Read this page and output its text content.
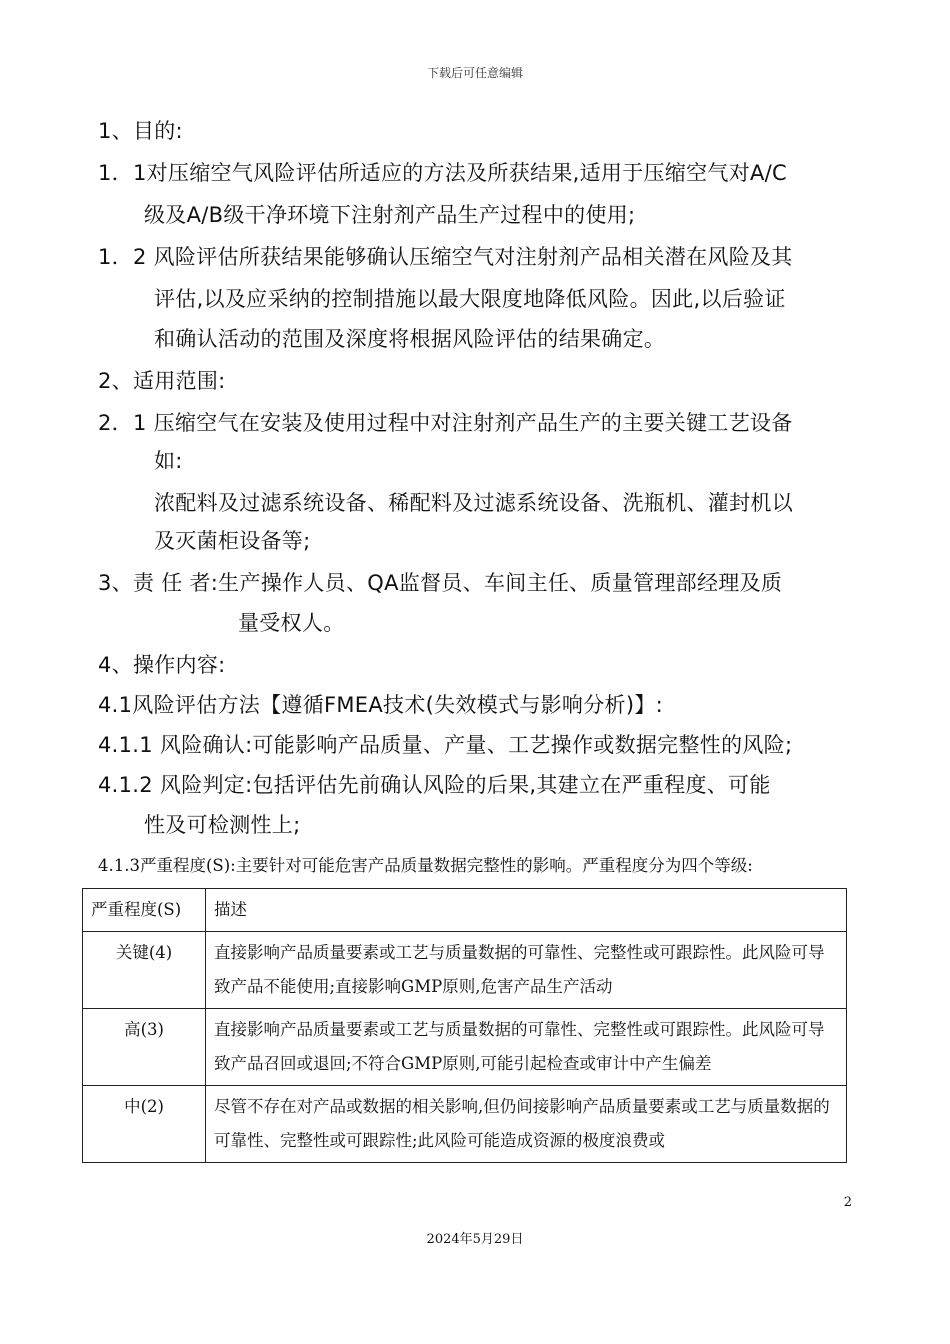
下载后可任意编辑
1、目的:
1．1对压缩空气风险评估所适应的方法及所获结果,适用于压缩空气对A/C
级及A/B级干净环境下注射剂产品生产过程中的使用;
1．2 风险评估所获结果能够确认压缩空气对注射剂产品相关潜在风险及其
评估,以及应采纳的控制措施以最大限度地降低风险。因此,以后验证
和确认活动的范围及深度将根据风险评估的结果确定。
2、适用范围:
2．1 压缩空气在安装及使用过程中对注射剂产品生产的主要关键工艺设备
如:
浓配料及过滤系统设备、稀配料及过滤系统设备、洗瓶机、灌封机以
及灭菌柜设备等;
3、责 任 者:生产操作人员、QA监督员、车间主任、质量管理部经理及质
量受权人。
4、操作内容:
4.1风险评估方法【遵循FMEA技术(失效模式与影响分析)】:
4.1.1 风险确认:可能影响产品质量、产量、工艺操作或数据完整性的风险;
4.1.2 风险判定:包括评估先前确认风险的后果,其建立在严重程度、可能
性及可检测性上;
4.1.3严重程度(S):主要针对可能危害产品质量数据完整性的影响。严重程度分为四个等级:
严重程度(S)	描述
关键(4)	直接影响产品质量要素或工艺与质量数据的可靠性、完整性或可跟踪性。此风险可导致产品不能使用;直接影响GMP原则,危害产品生产活动
高(3)	直接影响产品质量要素或工艺与质量数据的可靠性、完整性或可跟踪性。此风险可导致产品召回或退回;不符合GMP原则,可能引起检查或审计中产生偏差
中(2)	尽管不存在对产品或数据的相关影响,但仍间接影响产品质量要素或工艺与质量数据的可靠性、完整性或可跟踪性;此风险可能造成资源的极度浪费或
2
2024年5月29日
